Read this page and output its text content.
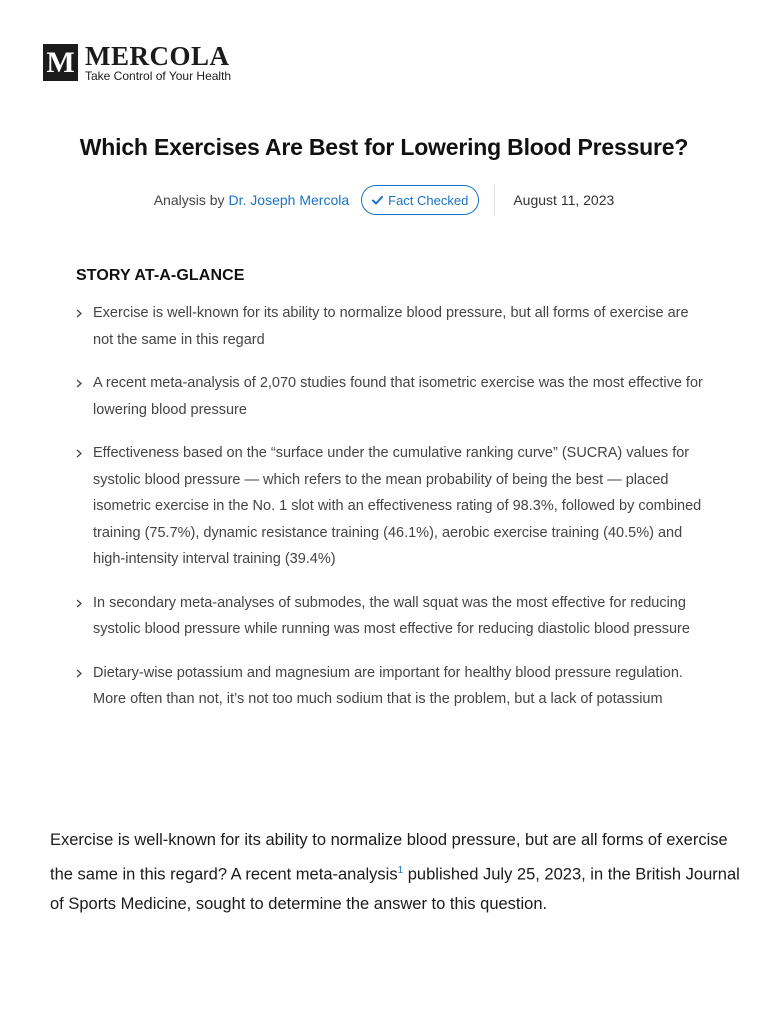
M MERCOLA
Take Control of Your Health
Which Exercises Are Best for Lowering Blood Pressure?
Analysis by Dr. Joseph Mercola	Fact Checked	August 11, 2023
STORY AT-A-GLANCE
Exercise is well-known for its ability to normalize blood pressure, but all forms of exercise are not the same in this regard
A recent meta-analysis of 2,070 studies found that isometric exercise was the most effective for lowering blood pressure
Effectiveness based on the “surface under the cumulative ranking curve” (SUCRA) values for systolic blood pressure — which refers to the mean probability of being the best — placed isometric exercise in the No. 1 slot with an effectiveness rating of 98.3%, followed by combined training (75.7%), dynamic resistance training (46.1%), aerobic exercise training (40.5%) and high-intensity interval training (39.4%)
In secondary meta-analyses of submodes, the wall squat was the most effective for reducing systolic blood pressure while running was most effective for reducing diastolic blood pressure
Dietary-wise potassium and magnesium are important for healthy blood pressure regulation. More often than not, it’s not too much sodium that is the problem, but a lack of potassium

Exercise is well-known for its ability to normalize blood pressure, but are all forms of exercise the same in this regard? A recent meta-analysis$^1$ published July 25, 2023, in the British Journal of Sports Medicine, sought to determine the answer to this question.
